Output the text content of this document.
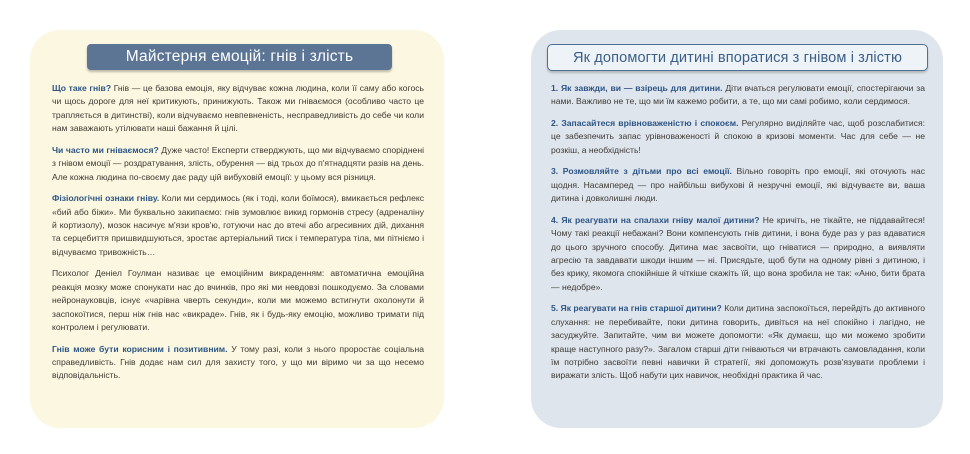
Майстерня емоцій: гнів і злість

Що таке гнів? Гнів — це базова емоція, яку відчуває кожна людина, коли її саму або когось чи щось дороге для неї критикують, принижують. Також ми гніваємося (особливо часто це трапляється в дитинстві), коли відчуваємо невпевненість, несправедливість до себе чи коли нам заважають утілювати наші бажання й цілі.

Чи часто ми гніваємося? Дуже часто! Експерти стверджують, що ми відчуваємо споріднені з гнівом емоції — роздратування, злість, обурення — від трьох до п'ятнадцяти разів на день. Але кожна людина по-своєму дає раду цій вибуховій емоції: у цьому вся різниця.

Фізіологічні ознаки гніву. Коли ми сердимось (як і тоді, коли боїмося), вмикається рефлекс «бий або біжи». Ми буквально закипаємо: гнів зумовлює викид гормонів стресу (адреналіну й кортизолу), мозок насичує м'язи кров'ю, готуючи нас до втечі або агресивних дій, дихання та серцебиття пришвидшуються, зростає артеріальний тиск і температура тіла, ми пітніємо і відчуваємо тривожність…

Психолог Деніел Гоулман називає це емоційним викраденням: автоматична емоційна реакція мозку може спонукати нас до вчинків, про які ми невдовзі пошкодуємо. За словами нейронауковців, існує «чарівна чверть секунди», коли ми можемо встигнути охолонути й заспокоїтися, перш ніж гнів нас «викраде». Гнів, як і будь-яку емоцію, можливо тримати під контролем і регулювати.

Гнів може бути корисним і позитивним. У тому разі, коли з нього проростає соціальна справедливість. Гнів додає нам сил для захисту того, у що ми віримо чи за що несемо відповідальність.

Як допомогти дитині впоратися з гнівом і злістю

1. Як завжди, ви — взірець для дитини. Діти вчаться регулювати емоції, спостерігаючи за нами. Важливо не те, що ми їм кажемо робити, а те, що ми самі робимо, коли сердимося.

2. Запасайтеся врівноваженістю і спокоєм. Регулярно виділяйте час, щоб розслабитися: це забезпечить запас урівноваженості й спокою в кризові моменти. Час для себе — не розкіш, а необхідність!

3. Розмовляйте з дітьми про всі емоції. Вільно говоріть про емоції, які оточують нас щодня. Насамперед — про найбільш вибухові й незручні емоції, які відчуваєте ви, ваша дитина і довколишні люди.

4. Як реагувати на спалахи гніву малої дитини? Не кричіть, не тікайте, не піддавайтеся! Чому такі реакції небажані? Вони компенсують гнів дитини, і вона буде раз у раз вдаватися до цього зручного способу. Дитина має засвоїти, що гніватися — природно, а виявляти агресію та завдавати шкоди іншим — ні. Присядьте, щоб бути на одному рівні з дитиною, і без крику, якомога спокійніше й чіткіше скажіть їй, що вона зробила не так: «Аню, бити брата — недобре».

5. Як реагувати на гнів старшої дитини? Коли дитина заспокоїться, перейдіть до активного слухання: не перебивайте, поки дитина говорить, дивіться на неї спокійно і лагідно, не засуджуйте. Запитайте, чим ви можете допомогти: «Як думаєш, що ми можемо зробити краще наступного разу?». Загалом старші діти гніваються чи втрачають самовладання, коли їм потрібно засвоїти певні навички й стратегії, які допоможуть розв'язувати проблеми і виражати злість. Щоб набути цих навичок, необхідні практика й час.
